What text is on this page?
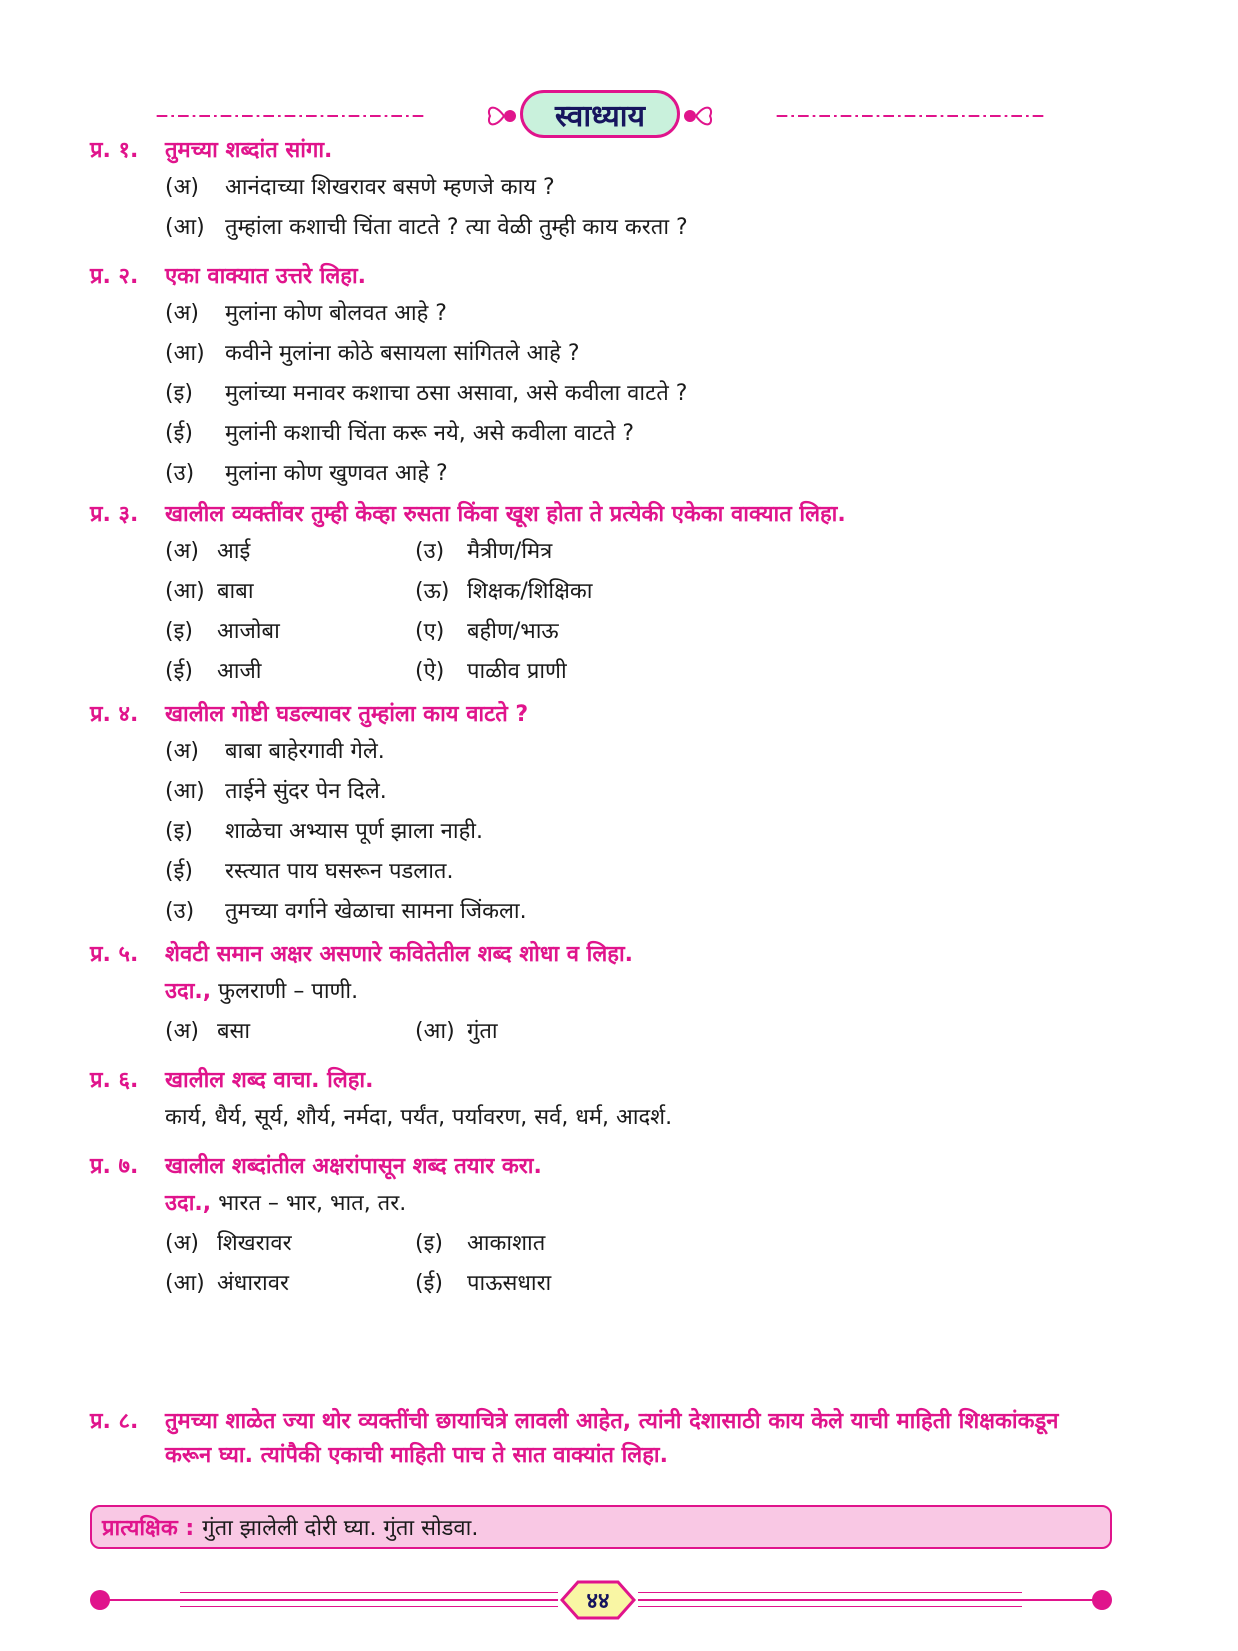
स्वाध्याय
प्र. १.	तुमच्या शब्दांत सांगा.
(अ)	आनंदाच्या शिखरावर बसणे म्हणजे काय ?
(आ) तुम्हांला कशाची चिंता वाटते ? त्या वेळी तुम्ही काय करता ?
प्र. २.	एका वाक्यात उत्तरे लिहा.
(अ)	मुलांना कोण बोलवत आहे ?
(आ) कवीने मुलांना कोठे बसायला सांगितले आहे ?
(इ)	मुलांच्या मनावर कशाचा ठसा असावा, असे कवीला वाटते ?
(ई)	मुलांनी कशाची चिंता करू नये, असे कवीला वाटते ?
(उ)	मुलांना कोण खुणवत आहे ?
प्र. ३.	खालील व्यक्तींवर तुम्ही केव्हा रुसता किंवा खूश होता ते प्रत्येकी एकेका वाक्यात लिहा.
(अ) आई	(उ)	मैत्रीण/मित्र
(आ) बाबा	(ऊ) शिक्षक/शिक्षिका
(इ)	आजोबा	(ए)	बहीण/भाऊ
(ई)	आजी	(ऐ)	पाळीव प्राणी
प्र. ४.	खालील गोष्टी घडल्यावर तुम्हांला काय वाटते ?
(अ)	बाबा बाहेरगावी गेले.
(आ) ताईने सुंदर पेन दिले.
(इ)	शाळेचा अभ्यास पूर्ण झाला नाही.
(ई)	रस्त्यात पाय घसरून पडलात.
(उ)	तुमच्या वर्गाने खेळाचा सामना जिंकला.
प्र. ५.	शेवटी समान अक्षर असणारे कवितेतील शब्द शोधा व लिहा.
उदा., फुलराणी – पाणी.
(अ) बसा	(आ) गुंता
प्र. ६.	खालील शब्द वाचा. लिहा.
कार्य, धैर्य, सूर्य, शौर्य, नर्मदा, पर्यंत, पर्यावरण, सर्व, धर्म, आदर्श.
प्र. ७.	खालील शब्दांतील अक्षरांपासून शब्द तयार करा.
उदा., भारत – भार, भात, तर.
(अ) शिखरावर	(इ)	आकाशात
(आ) अंधारावर	(ई)	पाऊसधारा
प्र. ८.	तुमच्या शाळेत ज्या थोर व्यक्तींची छायाचित्रे लावली आहेत, त्यांनी देशासाठी काय केले याची माहिती शिक्षकांकडून करून घ्या. त्यांपैकी एकाची माहिती पाच ते सात वाक्यांत लिहा.
प्रात्यक्षिक : गुंता झालेली दोरी घ्या. गुंता सोडवा.
४४
